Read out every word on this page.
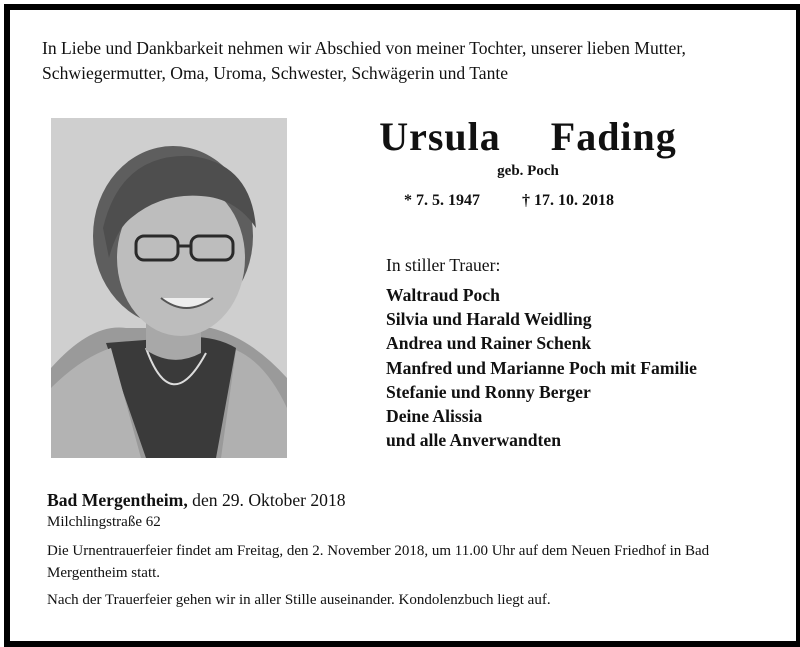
In Liebe und Dankbarkeit nehmen wir Abschied von meiner Tochter, unserer lieben Mutter, Schwiegermutter, Oma, Uroma, Schwester, Schwägerin und Tante
Ursula  Fading
geb. Poch
* 7. 5. 1947	† 17. 10. 2018
In stiller Trauer:
Waltraud Poch
Silvia und Harald Weidling
Andrea und Rainer Schenk
Manfred und Marianne Poch mit Familie
Stefanie und Ronny Berger
Deine Alissia
und alle Anverwandten
Bad Mergentheim, den 29. Oktober 2018
Milchlingstraße 62
Die Urnentrauerfeier findet am Freitag, den 2. November 2018, um 11.00 Uhr auf dem Neuen Friedhof in Bad Mergentheim statt.
Nach der Trauerfeier gehen wir in aller Stille auseinander. Kondolenzbuch liegt auf.
